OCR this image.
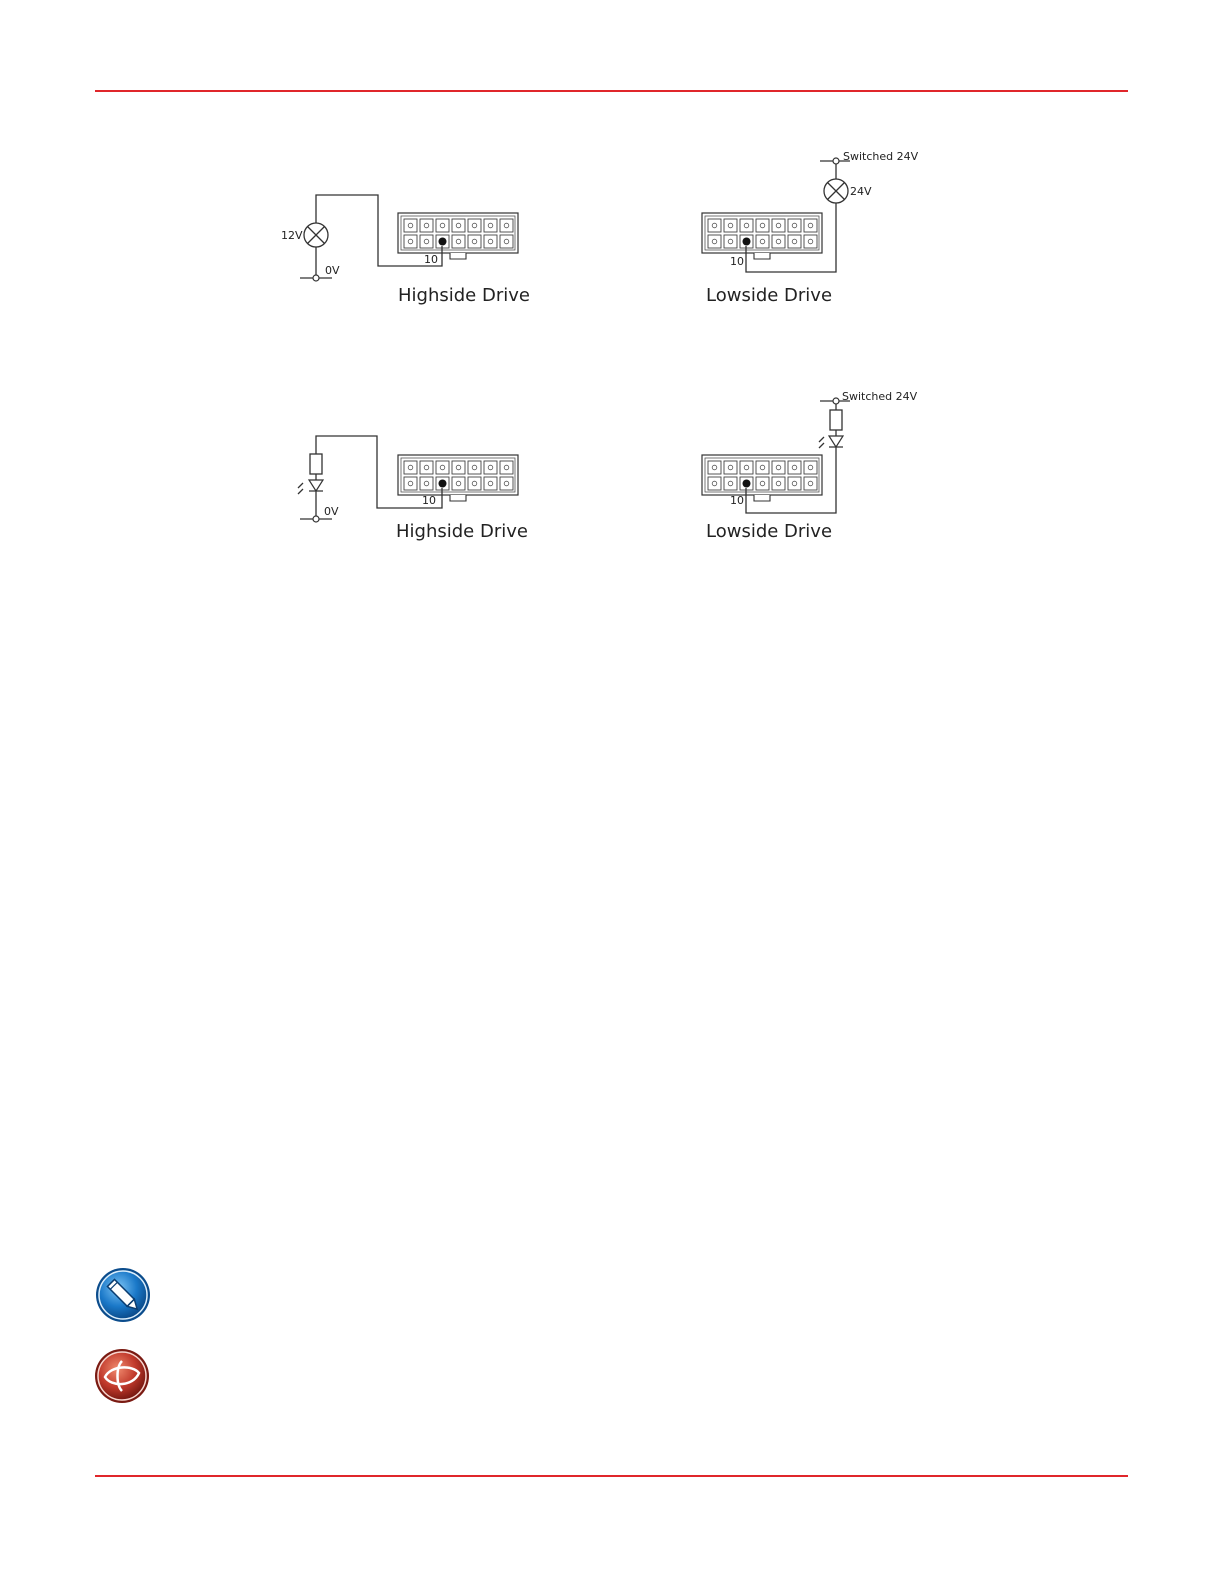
12V
0V
10
Highside Drive
Switched 24V
24V
10
Lowside Drive
0V
10
Highside Drive
Switched 24V
10
Lowside Drive
